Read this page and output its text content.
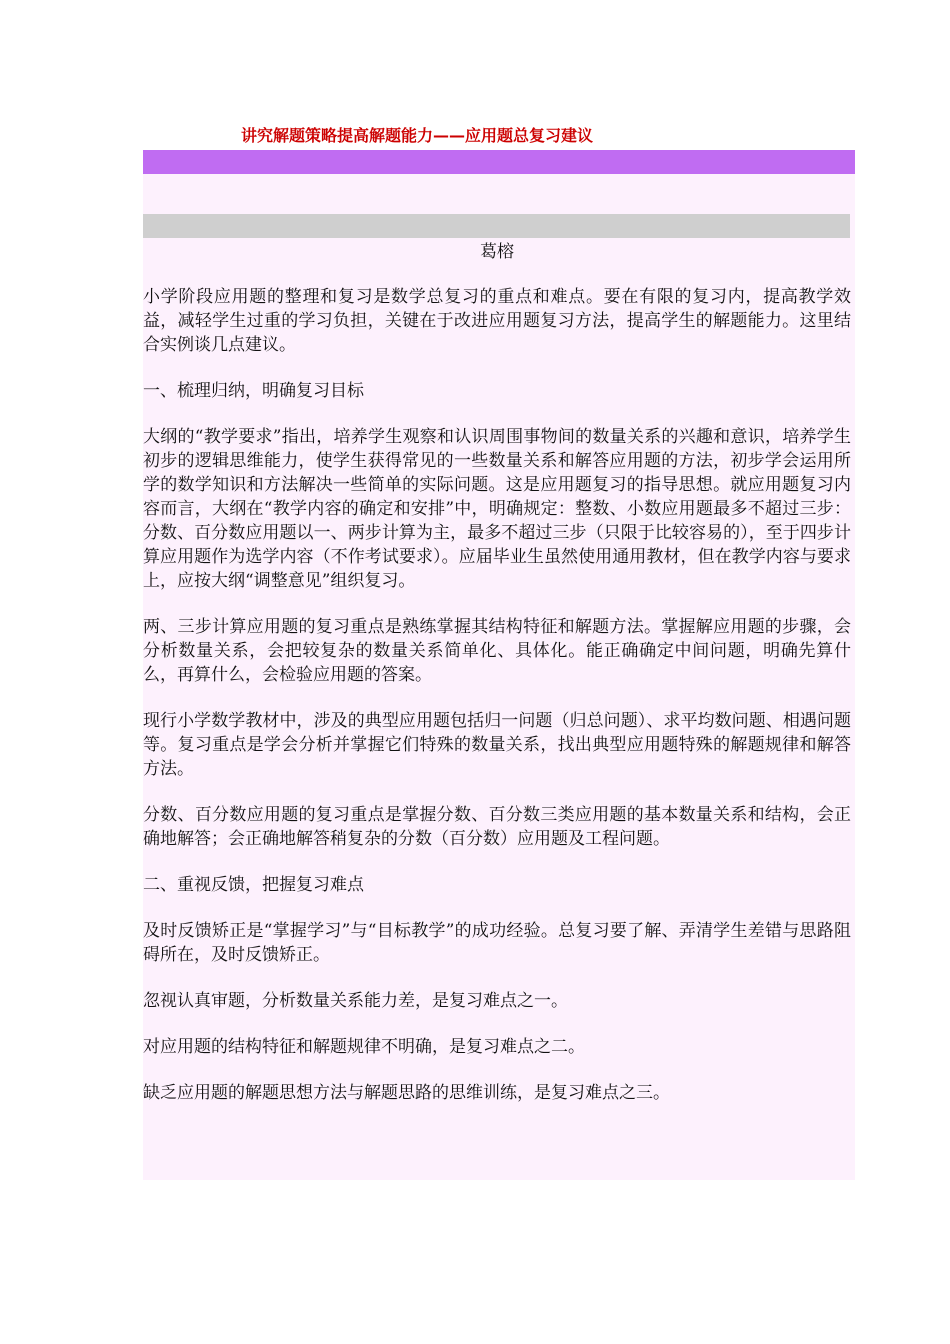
讲究解题策略提高解题能力——应用题总复习建议
葛榕

小学阶段应用题的整理和复习是数学总复习的重点和难点。要在有限的复习内，提高教学效益，减轻学生过重的学习负担，关键在于改进应用题复习方法，提高学生的解题能力。这里结合实例谈几点建议。

一、梳理归纳，明确复习目标

大纲的“教学要求”指出，培养学生观察和认识周围事物间的数量关系的兴趣和意识，培养学生初步的逻辑思维能力，使学生获得常见的一些数量关系和解答应用题的方法，初步学会运用所学的数学知识和方法解决一些简单的实际问题。这是应用题复习的指导思想。就应用题复习内容而言，大纲在“教学内容的确定和安排”中，明确规定：整数、小数应用题最多不超过三步：分数、百分数应用题以一、两步计算为主，最多不超过三步（只限于比较容易的），至于四步计算应用题作为选学内容（不作考试要求）。应届毕业生虽然使用通用教材，但在教学内容与要求上，应按大纲“调整意见”组织复习。

两、三步计算应用题的复习重点是熟练掌握其结构特征和解题方法。掌握解应用题的步骤，会分析数量关系，会把较复杂的数量关系简单化、具体化。能正确确定中间问题，明确先算什么，再算什么，会检验应用题的答案。

现行小学数学教材中，涉及的典型应用题包括归一问题（归总问题）、求平均数问题、相遇问题等。复习重点是学会分析并掌握它们特殊的数量关系，找出典型应用题特殊的解题规律和解答方法。

分数、百分数应用题的复习重点是掌握分数、百分数三类应用题的基本数量关系和结构，会正确地解答；会正确地解答稍复杂的分数（百分数）应用题及工程问题。

二、重视反馈，把握复习难点

及时反馈矫正是“掌握学习”与“目标教学”的成功经验。总复习要了解、弄清学生差错与思路阻碍所在，及时反馈矫正。

忽视认真审题，分析数量关系能力差，是复习难点之一。

对应用题的结构特征和解题规律不明确，是复习难点之二。

缺乏应用题的解题思想方法与解题思路的思维训练，是复习难点之三。
